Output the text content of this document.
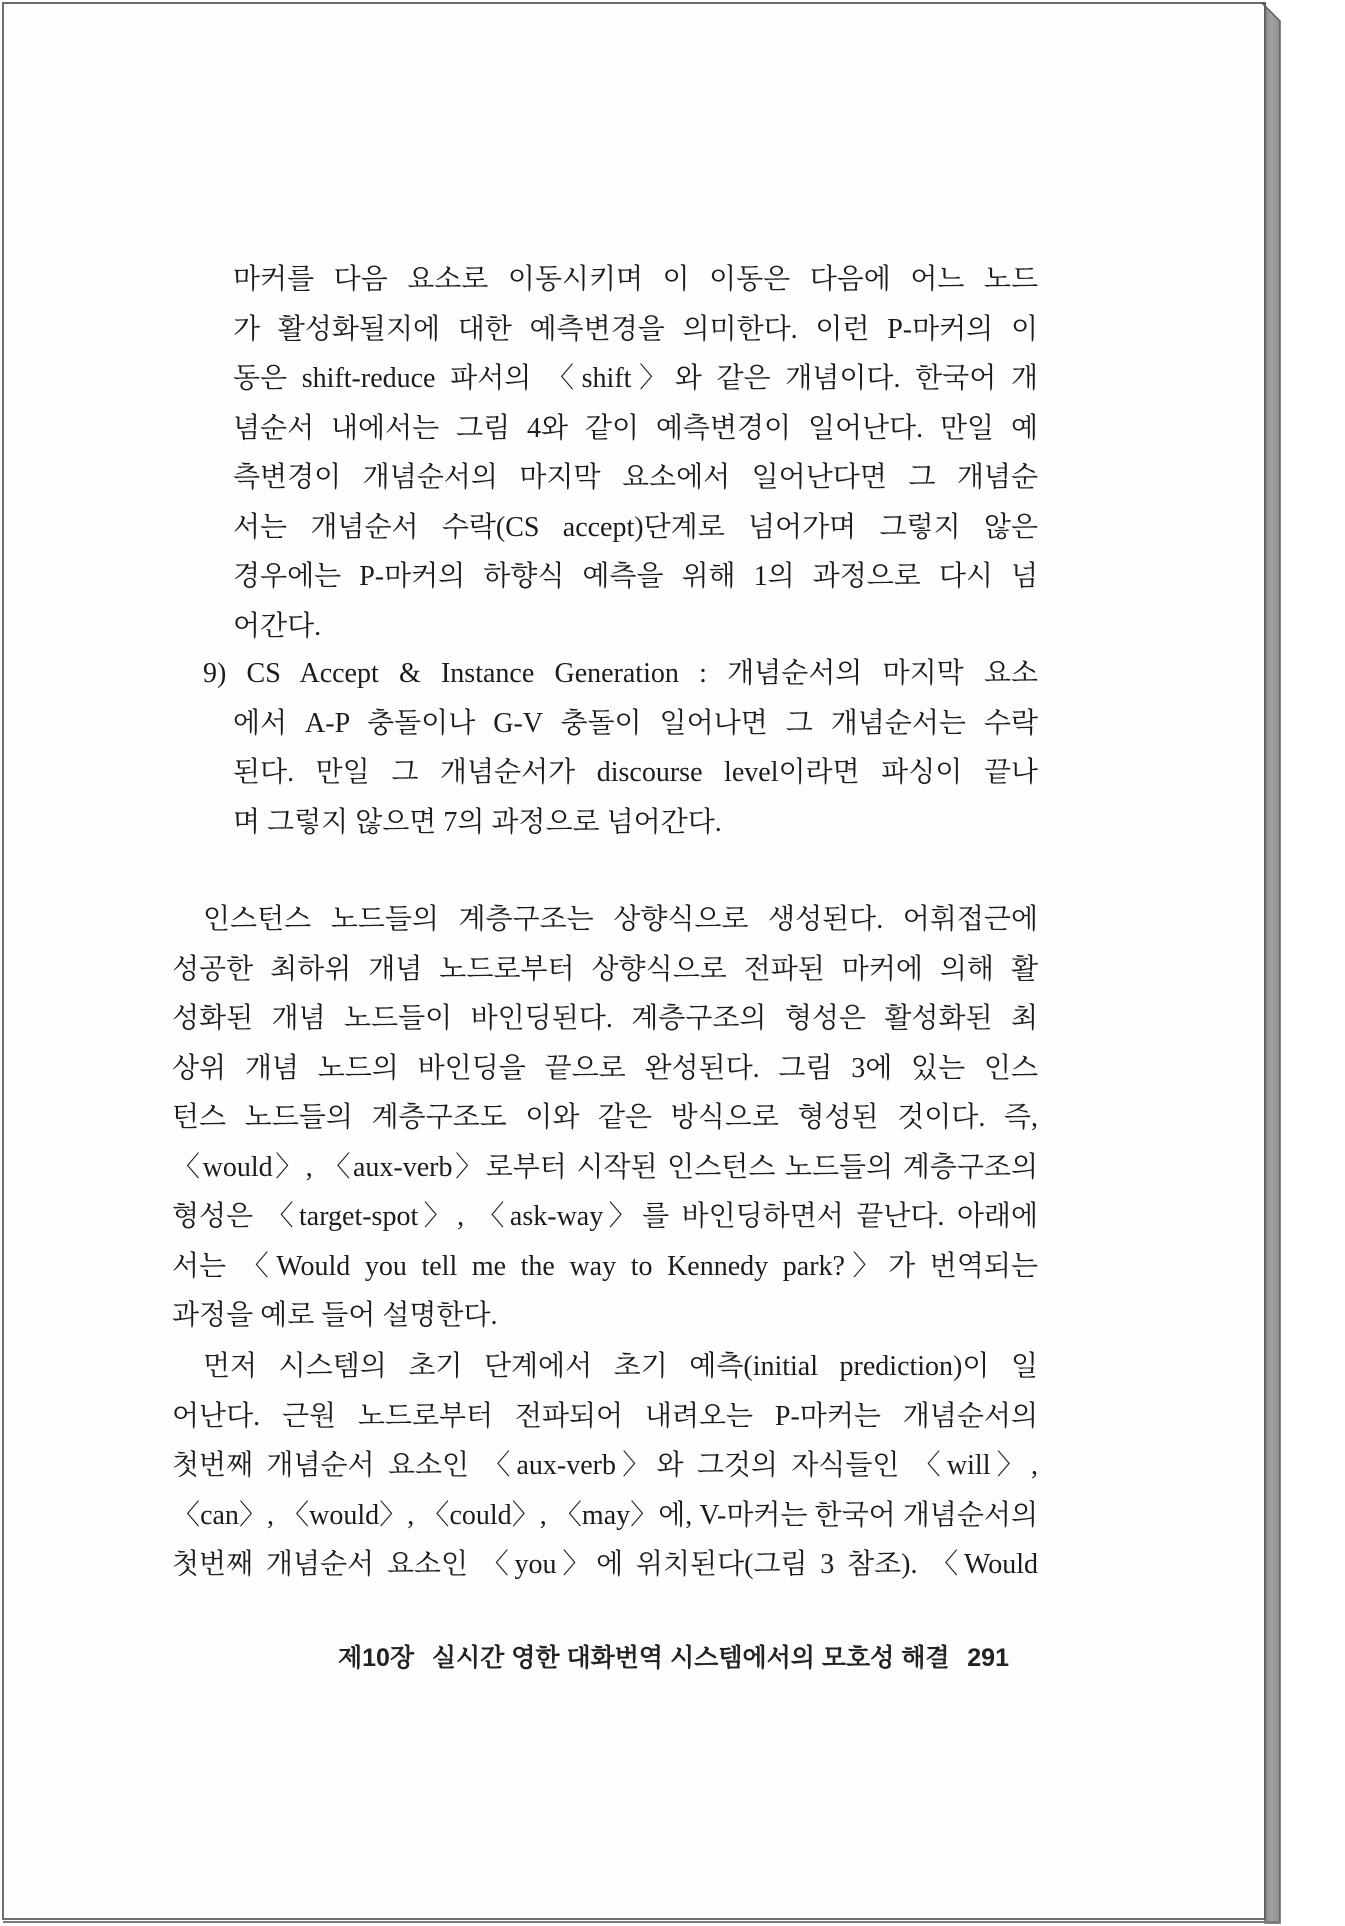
마커를 다음 요소로 이동시키며 이 이동은 다음에 어느 노드
가 활성화될지에 대한 예측변경을 의미한다. 이런 P-마커의 이
동은 shift-reduce 파서의 〈shift〉와 같은 개념이다. 한국어 개
념순서 내에서는 그림 4와 같이 예측변경이 일어난다. 만일 예
측변경이 개념순서의 마지막 요소에서 일어난다면 그 개념순
서는 개념순서 수락(CS accept)단계로 넘어가며 그렇지 않은
경우에는 P-마커의 하향식 예측을 위해 1의 과정으로 다시 넘
어간다.
9) CS Accept & Instance Generation : 개념순서의 마지막 요소
에서 A-P 충돌이나 G-V 충돌이 일어나면 그 개념순서는 수락
된다. 만일 그 개념순서가 discourse level이라면 파싱이 끝나
며 그렇지 않으면 7의 과정으로 넘어간다.
인스턴스 노드들의 계층구조는 상향식으로 생성된다. 어휘접근에
성공한 최하위 개념 노드로부터 상향식으로 전파된 마커에 의해 활
성화된 개념 노드들이 바인딩된다. 계층구조의 형성은 활성화된 최
상위 개념 노드의 바인딩을 끝으로 완성된다. 그림 3에 있는 인스
턴스 노드들의 계층구조도 이와 같은 방식으로 형성된 것이다. 즉,
〈would〉, 〈aux-verb〉로부터 시작된 인스턴스 노드들의 계층구조의
형성은 〈target-spot〉, 〈ask-way〉를 바인딩하면서 끝난다. 아래에
서는 〈Would you tell me the way to Kennedy park?〉가 번역되는
과정을 예로 들어 설명한다.
먼저 시스템의 초기 단계에서 초기 예측(initial prediction)이 일
어난다. 근원 노드로부터 전파되어 내려오는 P-마커는 개념순서의
첫번째 개념순서 요소인 〈aux-verb〉와 그것의 자식들인 〈will〉,
〈can〉, 〈would〉, 〈could〉, 〈may〉에, V-마커는 한국어 개념순서의
첫번째 개념순서 요소인 〈you〉에 위치된다(그림 3 참조). 〈Would
제10장 실시간 영한 대화번역 시스템에서의 모호성 해결 291
